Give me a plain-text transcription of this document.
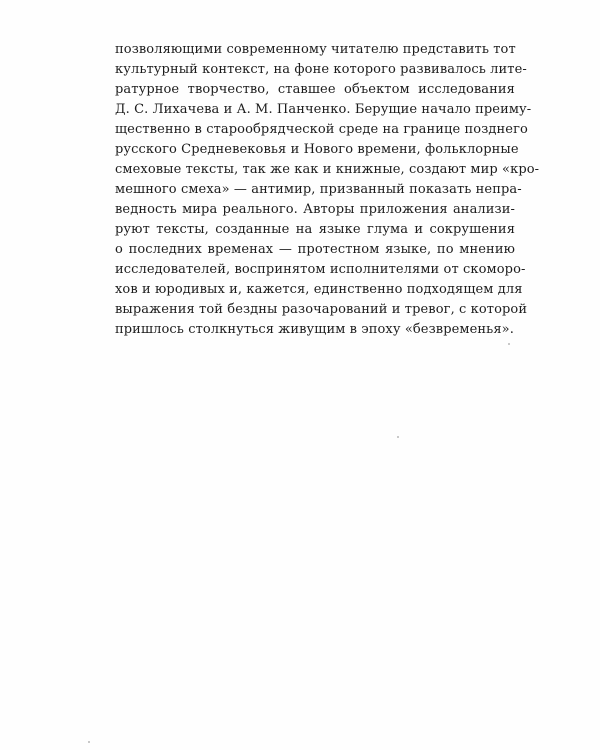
позволяющими современному читателю представить тот
культурный контекст, на фоне которого развивалось лите-
ратурное творчество, ставшее объектом исследования
Д. С. Лихачева и А. М. Панченко. Берущие начало преиму-
щественно в старообрядческой среде на границе позднего
русского Средневековья и Нового времени, фольклорные
смеховые тексты, так же как и книжные, создают мир «кро-
мешного смеха» — антимир, призванный показать непра-
ведность мира реального. Авторы приложения анализи-
руют тексты, созданные на языке глума и сокрушения
о последних временах — протестном языке, по мнению
исследователей, воспринятом исполнителями от скоморо-
хов и юродивых и, кажется, единственно подходящем для
выражения той бездны разочарований и тревог, с которой
пришлось столкнуться живущим в эпоху «безвременья».
